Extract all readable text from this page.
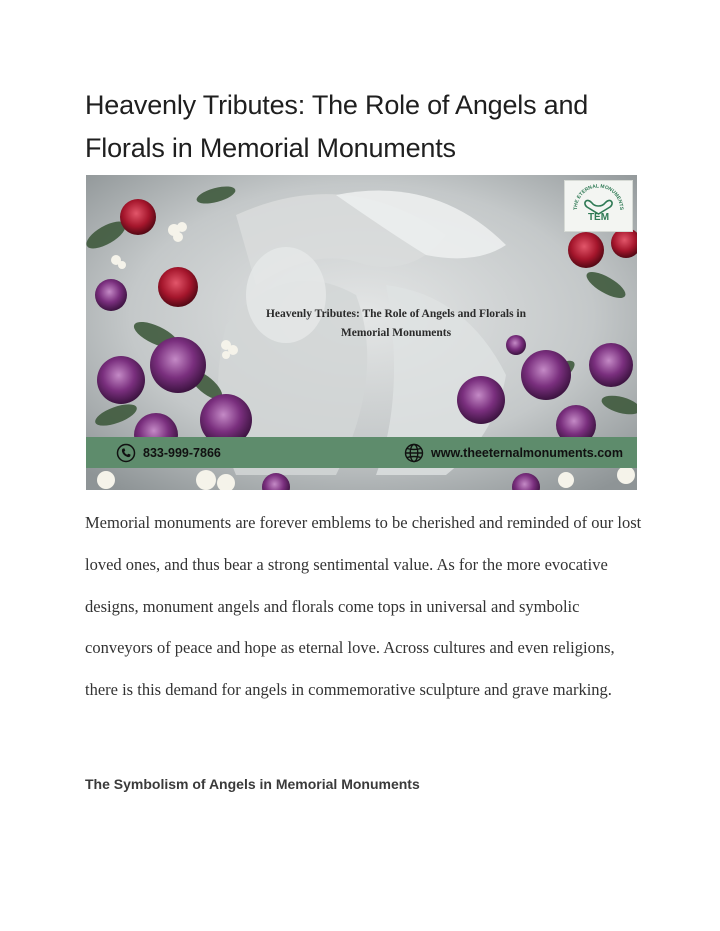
Heavenly Tributes: The Role of Angels and Florals in Memorial Monuments
THE ETERNAL MONUMENTS
TEM
Heavenly Tributes: The Role of Angels and Florals in
Memorial Monuments
833-999-7866	www.theeternalmonuments.com

Memorial monuments are forever emblems to be cherished and reminded of our lost loved ones, and thus bear a strong sentimental value. As for the more evocative designs, monument angels and florals come tops in universal and symbolic conveyors of peace and hope as eternal love. Across cultures and even religions, there is this demand for angels in commemorative sculpture and grave marking.

The Symbolism of Angels in Memorial Monuments
